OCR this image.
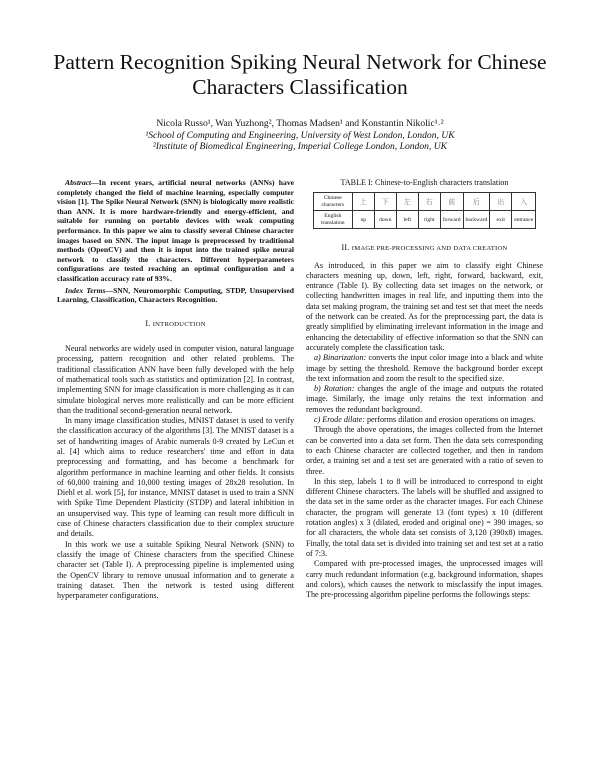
Pattern Recognition Spiking Neural Network for Chinese Characters Classification
Nicola Russo¹, Wan Yuzhong², Thomas Madsen¹ and Konstantin Nikolic¹˒²
¹School of Computing and Engineering, University of West London, London, UK
²Institute of Biomedical Engineering, Imperial College London, London, UK

Abstract—In recent years, artificial neural networks (ANNs) have completely changed the field of machine learning, especially computer vision [1]. The Spike Neural Network (SNN) is biologically more realistic than ANN. It is more hardware-friendly and energy-efficient, and suitable for running on portable devices with weak computing performance. In this paper we aim to classify several Chinese character images based on SNN. The input image is preprocessed by traditional methods (OpenCV) and then it is input into the trained spike neural network to classify the characters. Different hyperparameters configurations are tested reaching an optimal configuration and a classification accuracy rate of 93%.

Index Terms—SNN, Neuromorphic Computing, STDP, Unsupervised Learning, Classification, Characters Recognition.

I. INTRODUCTION

Neural networks are widely used in computer vision, natural language processing, pattern recognition and other related problems. The traditional classification ANN have been fully developed with the help of mathematical tools such as statistics and optimization [2]. In contrast, implementing SNN for image classification is more challenging as it can simulate biological nerves more realistically and can be more efficient than the traditional second-generation neural network.

In many image classification studies, MNIST dataset is used to verify the classification accuracy of the algorithms [3]. The MNIST dataset is a set of handwriting images of Arabic numerals 0-9 created by LeCun et al. [4] which aims to reduce researchers' time and effort in data preprocessing and formatting, and has become a benchmark for algorithm performance in machine learning and other fields. It consists of 60,000 training and 10,000 testing images of 28x28 resolution. In Diehl et al. work [5], for instance, MNIST dataset is used to train a SNN with Spike Time Dependent Plasticity (STDP) and lateral inhibition in an unsupervised way. This type of learning can result more difficult in case of Chinese characters classification due to their complex structure and details.

In this work we use a suitable Spiking Neural Network (SNN) to classify the image of Chinese characters from the specified Chinese character set (Table I). A preprocessing pipeline is implemented using the OpenCV library to remove unusual information and to generate a training dataset. Then the network is tested using different hyperparameter configurations.

TABLE I: Chinese-to-English characters translation
Chinese characters	上	下	左	右	前	后	出	入
English translation	up	down	left	right	forward	backward	exit	entrance
II. IMAGE PRE-PROCESSING AND DATA CREATION

As introduced, in this paper we aim to classify eight Chinese characters meaning up, down, left, right, forward, backward, exit, entrance (Table I). By collecting data set images on the network, or collecting handwritten images in real life, and inputting them into the data set making program, the training set and test set that meet the needs of the network can be created. As for the preprocessing part, the data is greatly simplified by eliminating irrelevant information in the image and enhancing the detectability of effective information so that the SNN can accurately complete the classification task.

a) Binarization: converts the input color image into a black and white image by setting the threshold. Remove the background border except the text information and zoom the result to the specified size.

b) Rotation: changes the angle of the image and outputs the rotated image. Similarly, the image only retains the text information and removes the redundant background.

c) Erode dilate: performs dilation and erosion operations on images.

Through the above operations, the images collected from the Internet can be converted into a data set form. Then the data sets corresponding to each Chinese character are collected together, and then in random order, a training set and a test set are generated with a ratio of seven to three.

In this step, labels 1 to 8 will be introduced to correspond to eight different Chinese characters. The labels will be shuffled and assigned to the data set in the same order as the character images. For each Chinese character, the program will generate 13 (font types) x 10 (different rotation angles) x 3 (dilated, eroded and original one) = 390 images, so for all characters, the whole data set consists of 3,120 (390x8) images. Finally, the total data set is divided into training set and test set at a ratio of 7:3.

Compared with pre-processed images, the unprocessed images will carry much redundant information (e.g. background information, shapes and colors), which causes the network to misclassify the input images. The pre-processing algorithm pipeline performs the followings steps:
